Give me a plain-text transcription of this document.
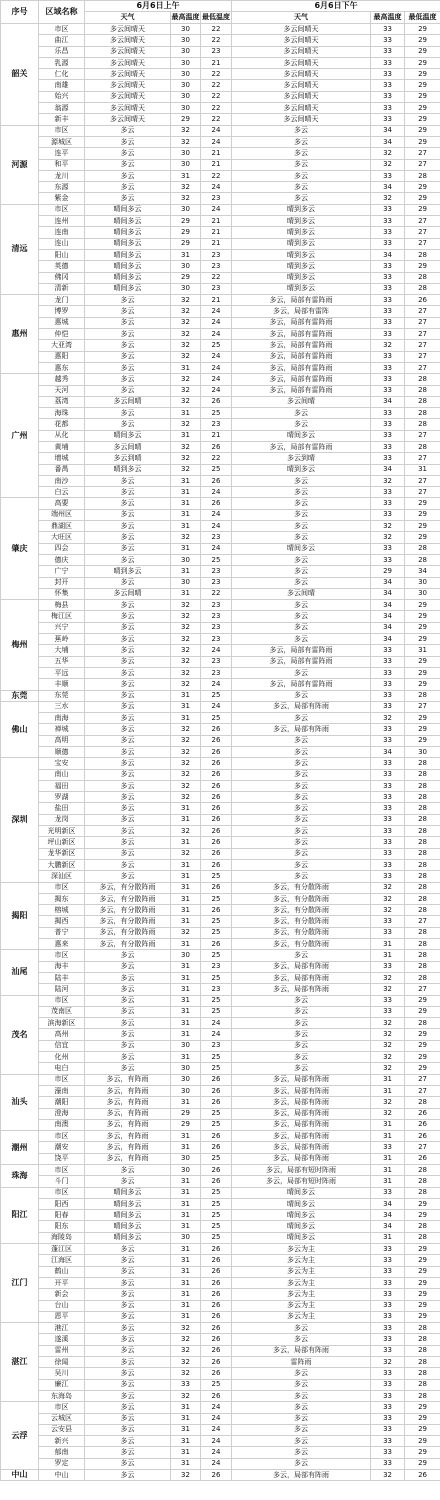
序号	区域名称	6月6日上午			6月6日下午		
		天气	最高温度	最低温度	天气	最高温度	最低温度
韶关	市区	多云间晴天	30	22	多云间晴天	33	29
	曲江	多云间晴天	30	22	多云间晴天	33	29
	乐昌	多云间晴天	30	23	多云间晴天	33	29
	乳源	多云间晴天	30	21	多云间晴天	33	29
	仁化	多云间晴天	30	22	多云间晴天	33	29
	南雄	多云间晴天	30	22	多云间晴天	33	29
	始兴	多云间晴天	30	22	多云间晴天	33	29
	翁源	多云间晴天	30	22	多云间晴天	33	29
	新丰	多云间晴天	29	22	多云间晴天	33	29
河源	市区	多云	32	24	多云	34	29
	源城区	多云	32	24	多云	34	29
	连平	多云	30	21	多云	32	27
	和平	多云	30	21	多云	32	27
	龙川	多云	31	22	多云	33	28
	东源	多云	32	24	多云	34	29
	紫金	多云	32	23	多云	32	29
清远	市区	晴间多云	30	24	晴到多云	33	29
	连州	晴间多云	29	21	晴到多云	33	27
	连南	晴间多云	29	21	晴到多云	33	27
	连山	晴间多云	29	21	晴到多云	33	27
	阳山	晴间多云	31	23	晴到多云	34	28
	英德	晴间多云	30	23	晴到多云	33	29
	佛冈	晴间多云	29	22	晴到多云	33	28
	清新	晴间多云	30	23	晴到多云	33	28
惠州	龙门	多云	32	21	多云，局部有雷阵雨	33	26
	博罗	多云	32	24	多云，局部有雷阵	33	27
	惠城	多云	32	24	多云，局部有雷阵雨	33	27
	仲恺	多云	32	24	多云，局部有雷阵雨	33	27
	大亚湾	多云	32	25	多云，局部有雷阵雨	32	27
	惠阳	多云	32	24	多云，局部有雷阵雨	33	27
	惠东	多云	31	24	多云，局部有雷阵雨	33	27
广州	越秀	多云	32	24	多云，局部有雷阵雨	33	28
	天河	多云	32	24	多云，局部有雷阵雨	33	28
	荔湾	多云间晴	32	26	多云间晴	34	28
	海珠	多云	31	25	多云	33	28
	花都	多云	32	23	多云	33	28
	从化	晴间多云	31	21	晴间多云	33	27
	黄埔	多云间晴	32	26	多云，局部有雷阵雨	33	28
	增城	多云到晴	32	22	多云到晴	33	27
	番禺	晴到多云	32	25	晴到多云	34	31
	南沙	多云	31	26	多云	32	27
	白云	多云	31	24	多云	33	27
肇庆	高要	多云	31	26	多云	33	29
	端州区	多云	31	24	多云	33	29
	鼎湖区	多云	31	24	多云	32	29
	大旺区	多云	32	23	多云	32	29
	四会	多云	31	24	晴间多云	33	28
	德庆	多云	30	25	多云	33	28
	广宁	晴到多云	31	23	多云	29	34
	封开	多云	30	23	多云	34	30
	怀集	多云间晴	31	22	多云间晴	34	30
梅州	梅县	多云	32	23	多云	34	29
	梅江区	多云	32	23	多云	34	29
	兴宁	多云	32	23	多云	34	29
	蕉岭	多云	32	23	多云	34	29
	大埔	多云	32	24	多云，局部有雷阵雨	33	31
	五华	多云	32	23	多云，局部有雷阵雨	33	29
	平远	多云	32	23	多云	33	29
	丰顺	多云	32	24	多云，局部有雷阵雨	33	29
东莞	东莞	多云	31	25	多云	33	28
佛山	三水	多云	31	24	多云，局部有阵雨	33	27
	南海	多云	31	25	多云	32	29
	禅城	多云	32	26	多云，局部有阵雨	33	29
	高明	多云	32	26	多云	33	29
	顺德	多云	32	26	多云	34	30
深圳	宝安	多云	32	26	多云	33	28
	南山	多云	32	26	多云	33	28
	福田	多云	32	26	多云	33	28
	罗湖	多云	32	26	多云	33	28
	盐田	多云	31	26	多云	33	28
	龙岗	多云	31	26	多云	33	28
	光明新区	多云	32	26	多云	33	28
	坪山新区	多云	31	26	多云	33	28
	龙华新区	多云	32	26	多云	33	28
	大鹏新区	多云	31	26	多云	33	28
	深汕区	多云	31	25	多云	33	28
揭阳	市区	多云，有分散阵雨	31	26	多云，有分散阵雨	32	28
	揭东	多云，有分散阵雨	31	25	多云，有分散阵雨	32	28
	榕城	多云，有分散阵雨	31	26	多云，有分散阵雨	32	28
	揭西	多云，有分散阵雨	31	25	多云，有分散阵雨	33	27
	普宁	多云，有分散阵雨	32	25	多云，有分散阵雨	33	28
	惠来	多云，有分散阵雨	31	26	多云，有分散阵雨	31	28
汕尾	市区	多云	30	25	多云	31	28
	海丰	多云	31	23	多云，局部有阵雨	33	28
	陆丰	多云	31	25	多云，局部有阵雨	32	28
	陆河	多云	31	23	多云，局部有阵雨	32	27
茂名	市区	多云	31	25	多云	33	29
	茂南区	多云	31	25	多云	33	29
	滨海新区	多云	31	24	多云	32	28
	高州	多云	31	24	多云	32	29
	信宜	多云	30	23	多云	32	29
	化州	多云	31	25	多云	32	29
	电白	多云	30	25	多云	32	29
汕头	市区	多云，有阵雨	30	26	多云，局部有阵雨	31	27
	濠南	多云，有阵雨	30	26	多云，局部有阵雨	31	27
	潮阳	多云，有阵雨	31	26	多云，局部有阵雨	32	28
	澄海	多云，有阵雨	29	25	多云，局部有阵雨	32	26
	南澳	多云，有阵雨	29	25	多云，局部有阵雨	31	26
潮州	市区	多云，有阵雨	31	26	多云，局部有阵雨	31	26
	潮安	多云，有阵雨	31	26	多云，局部有阵雨	33	27
	饶平	多云，有阵雨	30	25	多云，局部有阵雨	31	26
珠海	市区	多云	30	26	多云，局部有短时阵雨	31	28
	斗门	多云	31	26	多云，局部有短时阵雨	31	28
阳江	市区	晴间多云	31	25	晴间多云	33	28
	阳西	晴间多云	31	25	晴间多云	34	29
	阳春	晴间多云	31	25	晴间多云	34	29
	阳东	晴间多云	31	25	晴间多云	34	28
	海陵岛	晴间多云	30	25	晴间多云	31	28
江门	蓬江区	多云	31	26	多云为主	33	29
	江海区	多云	31	26	多云为主	33	29
	鹤山	多云	31	26	多云为主	33	29
	开平	多云	31	26	多云为主	33	29
	新会	多云	31	26	多云为主	33	29
	台山	多云	31	26	多云为主	33	29
	恩平	多云	31	26	多云为主	33	29
湛江	港江	多云	32	26	多云	33	28
	遂溪	多云	32	26	多云	33	28
	雷州	多云	32	26	多云，局部有阵雨	33	28
	徐闻	多云	32	26	雷阵雨	32	28
	吴川	多云	32	26	多云	33	28
	廉江	多云	33	25	多云	33	28
	东海岛	多云	32	26	多云	33	28
云浮	市区	多云	31	24	多云	33	29
	云城区	多云	31	24	多云	33	29
	云安县	多云	31	24	多云	33	29
	新兴	多云	31	24	多云	33	29
	郁南	多云	31	24	多云	33	29
	罗定	多云	31	24	多云	33	29
中山	中山	多云	32	26	多云，局部有阵雨	32	26
